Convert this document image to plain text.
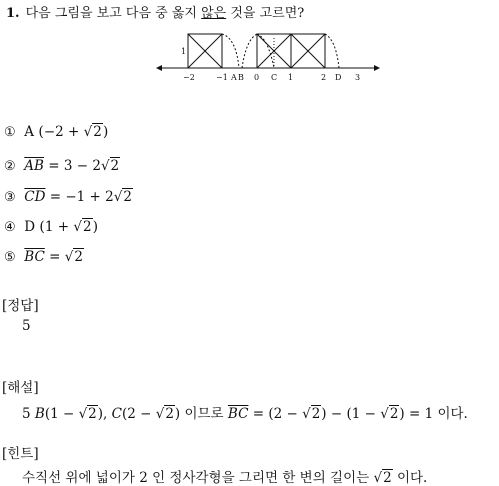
1. 다음 그림을 보고 다음 중 옳지 않은 것을 고르면?
1
−2	−1 A B 0 C 1	2 D 3
① A (−2 + √2)
② $\overline{AB} = 3 - 2√2$
③ $\overline{CD} = -1 + 2√2$
④ D (1 + √2)
⑤ $\overline{BC} = √2$
[정답]
5
[해설]
5 B(1 − √2), C(2 − √2) 이므로 $\overline{BC} = (2 - √2) - (1 - √2) = 1$ 이다.
[힌트]
수직선 위에 넓이가 2 인 정사각형을 그리면 한 변의 길이는 √2 이다.
